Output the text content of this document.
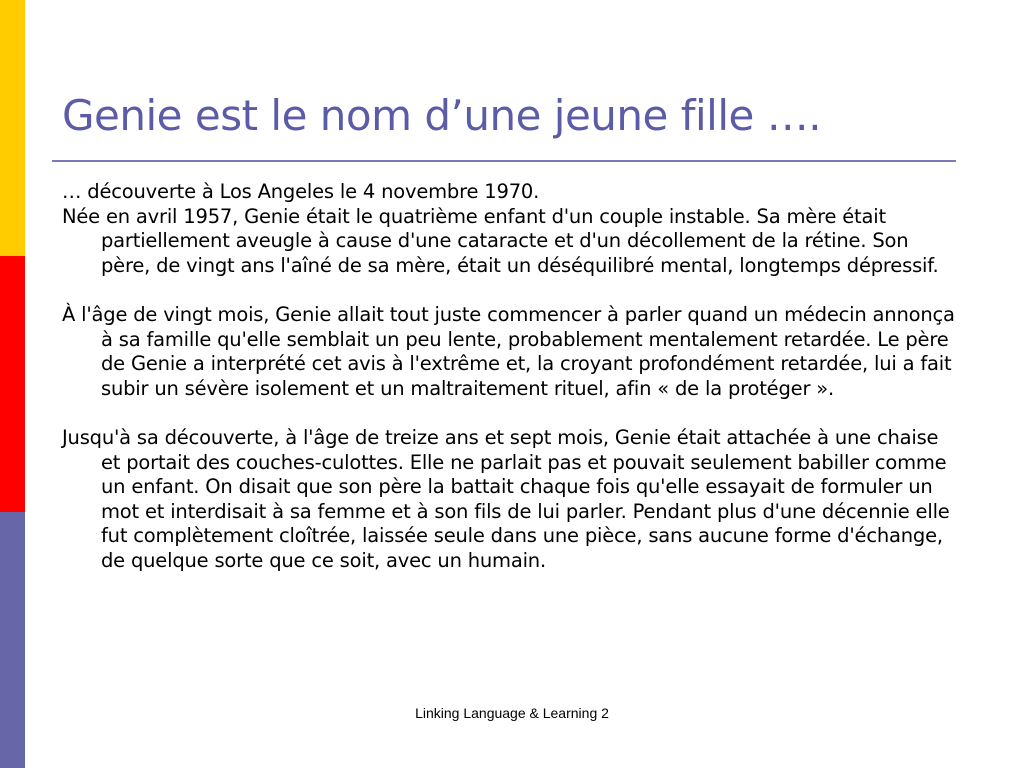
Genie est le nom d’une jeune fille ….

… découverte à Los Angeles le 4 novembre 1970.

Née en avril 1957, Genie était le quatrième enfant d'un couple instable. Sa mère était partiellement aveugle à cause d'une cataracte et d'un décollement de la rétine. Son père, de vingt ans l'aîné de sa mère, était un déséquilibré mental, longtemps dépressif.

À l'âge de vingt mois, Genie allait tout juste commencer à parler quand un médecin annonça à sa famille qu'elle semblait un peu lente, probablement mentalement retardée. Le père de Genie a interprété cet avis à l'extrême et, la croyant profondément retardée, lui a fait subir un sévère isolement et un maltraitement rituel, afin « de la protéger ».

Jusqu'à sa découverte, à l'âge de treize ans et sept mois, Genie était attachée à une chaise et portait des couches-culottes. Elle ne parlait pas et pouvait seulement babiller comme un enfant. On disait que son père la battait chaque fois qu'elle essayait de formuler un mot et interdisait à sa femme et à son fils de lui parler. Pendant plus d'une décennie elle fut complètement cloîtrée, laissée seule dans une pièce, sans aucune forme d'échange, de quelque sorte que ce soit, avec un humain.

Linking Language & Learning 2
